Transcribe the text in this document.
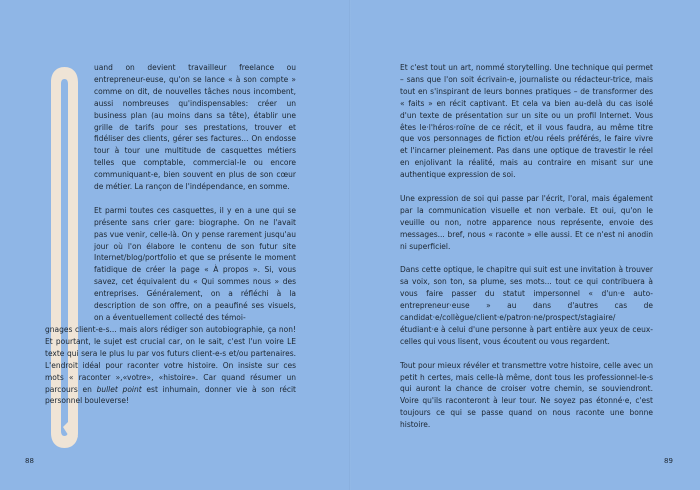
Q	uand on devient travailleur freelance ou entrepreneur-euse, qu'on se lance « à son compte » comme on dit, de nouvelles tâches nous incombent, aussi nombreuses qu'indispensables: créer un business plan (au moins dans sa tête), établir une grille de tarifs pour ses prestations, trouver et fidéliser des clients, gérer ses factures... On endosse tour à tour une multitude de casquettes métiers telles que comptable, commercial-le ou encore communiquant-e, bien souvent en plus de son cœur de métier. La rançon de l'indépendance, en somme.

Et parmi toutes ces casquettes, il y en a une qui se présente sans crier gare: biographe. On ne l'avait pas vue venir, celle-là. On y pense rarement jusqu'au jour où l'on élabore le contenu de son futur site Internet/blog/portfolio et que se présente le moment fatidique de créer la page « À propos ». Si, vous savez, cet équivalent du « Qui sommes nous » des entreprises. Généralement, on a réfléchi à la description de son offre, on a peaufiné ses visuels, on a éventuellement collecté des témoi-

gnages client-e-s... mais alors rédiger son autobiographie, ça non! Et pourtant, le sujet est crucial car, on le sait, c'est l'un voire LE texte qui sera le plus lu par vos futurs client-e-s et/ou partenaires. L'endroit idéal pour raconter votre histoire. On insiste sur ces mots « raconter »,«votre», «histoire». Car quand résumer un parcours en bullet point est inhumain, donner vie à son récit personnel bouleverse!

88

Et c'est tout un art, nommé storytelling. Une technique qui permet – sans que l'on soit écrivain-e, journaliste ou rédacteur-trice, mais tout en s'inspirant de leurs bonnes pratiques – de transformer des « faits » en récit captivant. Et cela va bien au-delà du cas isolé d'un texte de présentation sur un site ou un profil Internet. Vous êtes le·l'héros·roïne de ce récit, et il vous faudra, au même titre que vos personnages de fiction et/ou réels préférés, le faire vivre et l'incarner pleinement. Pas dans une optique de travestir le réel en enjolivant la réalité, mais au contraire en misant sur une authentique expression de soi.

Une expression de soi qui passe par l'écrit, l'oral, mais également par la communication visuelle et non verbale. Et oui, qu'on le veuille ou non, notre apparence nous représente, envoie des messages... bref, nous « raconte » elle aussi. Et ce n'est ni anodin ni superficiel.

Dans cette optique, le chapitre qui suit est une invitation à trouver sa voix, son ton, sa plume, ses mots... tout ce qui contribuera à vous faire passer du statut impersonnel « d'un·e auto-entrepreneur·euse » au dans d'autres cas de candidat·e/collègue/client·e/patron·ne/prospect/stagiaire/étudiant·e à celui d'une personne à part entière aux yeux de ceux-celles qui vous lisent, vous écoutent ou vous regardent.

Tout pour mieux révéler et transmettre votre histoire, celle avec un petit h certes, mais celle-là même, dont tous les professionnel-le-s qui auront la chance de croiser votre chemin, se souviendront. Voire qu'ils raconteront à leur tour. Ne soyez pas étonné·e, c'est toujours ce qui se passe quand on nous raconte une bonne histoire.

89
